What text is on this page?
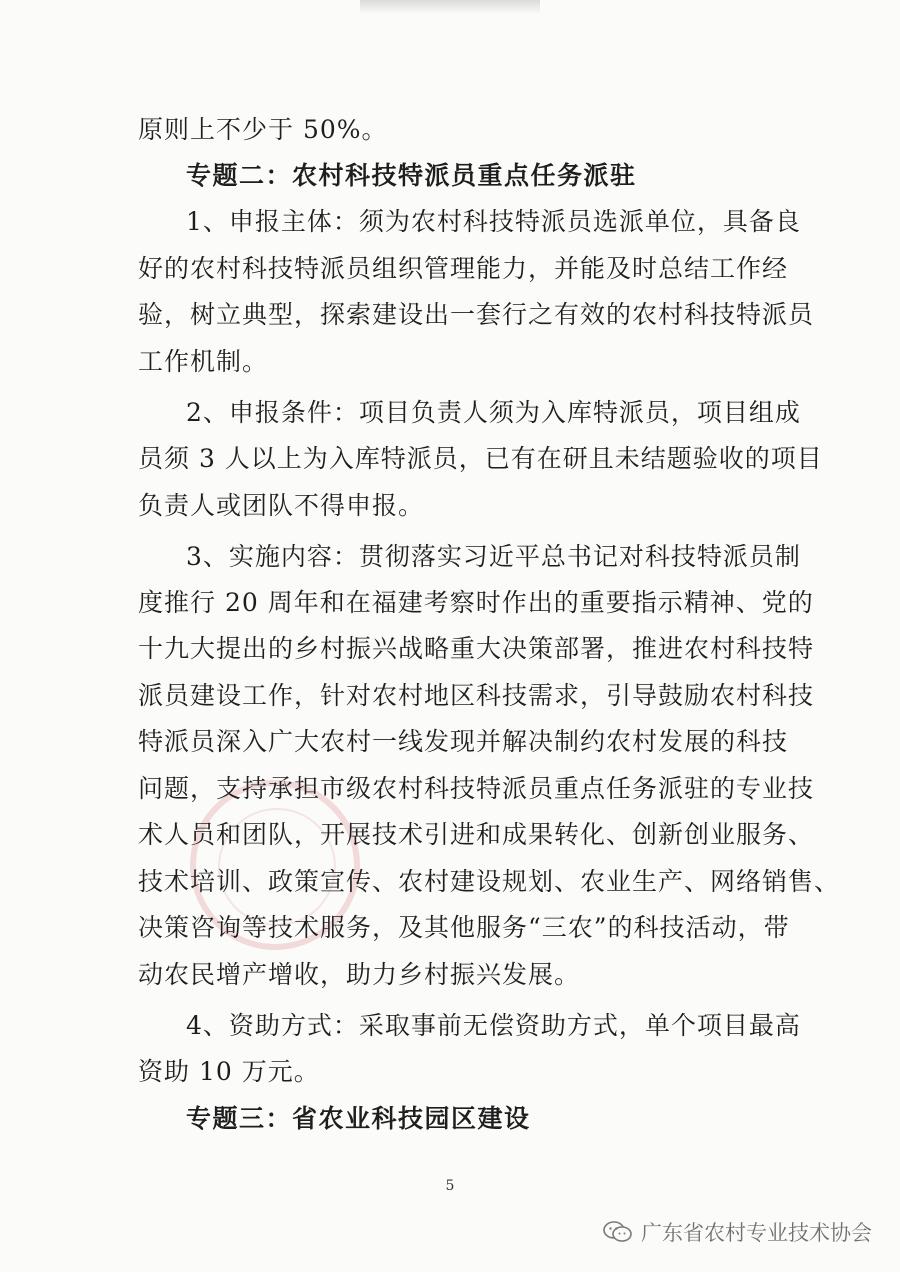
原则上不少于 50%。
专题二：农村科技特派员重点任务派驻
1、申报主体：须为农村科技特派员选派单位，具备良
好的农村科技特派员组织管理能力，并能及时总结工作经
验，树立典型，探索建设出一套行之有效的农村科技特派员
工作机制。
2、申报条件：项目负责人须为入库特派员，项目组成
员须 3 人以上为入库特派员，已有在研且未结题验收的项目
负责人或团队不得申报。
3、实施内容：贯彻落实习近平总书记对科技特派员制
度推行 20 周年和在福建考察时作出的重要指示精神、党的
十九大提出的乡村振兴战略重大决策部署，推进农村科技特
派员建设工作，针对农村地区科技需求，引导鼓励农村科技
特派员深入广大农村一线发现并解决制约农村发展的科技
问题，支持承担市级农村科技特派员重点任务派驻的专业技
术人员和团队，开展技术引进和成果转化、创新创业服务、
技术培训、政策宣传、农村建设规划、农业生产、网络销售、
决策咨询等技术服务，及其他服务“三农”的科技活动，带
动农民增产增收，助力乡村振兴发展。
4、资助方式：采取事前无偿资助方式，单个项目最高
资助 10 万元。
专题三：省农业科技园区建设
5
广东省农村专业技术协会
